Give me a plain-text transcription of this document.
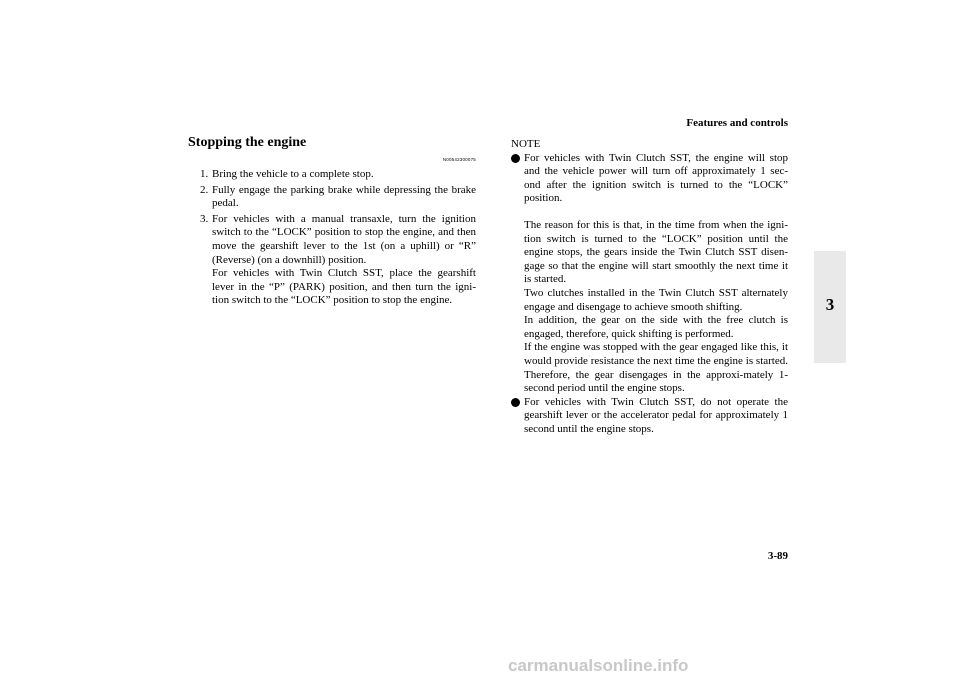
Features and controls
3
Stopping the engine
N00542300075
1. Bring the vehicle to a complete stop.
2. Fully engage the parking brake while depressing the brake pedal.
3. For vehicles with a manual transaxle, turn the ignition switch to the “LOCK” position to stop the engine, and then move the gearshift lever to the 1st (on a uphill) or “R” (Reverse) (on a downhill) position.
For vehicles with Twin Clutch SST, place the gearshift lever in the “P” (PARK) position, and then turn the igni-tion switch to the “LOCK” position to stop the engine.
NOTE

For vehicles with Twin Clutch SST, the engine will stop and the vehicle power will turn off approximately 1 sec-ond after the ignition switch is turned to the “LOCK” position.

The reason for this is that, in the time from when the igni-tion switch is turned to the “LOCK” position until the engine stops, the gears inside the Twin Clutch SST disen-gage so that the engine will start smoothly the next time it is started.
Two clutches installed in the Twin Clutch SST alternately engage and disengage to achieve smooth shifting.
In addition, the gear on the side with the free clutch is engaged, therefore, quick shifting is performed.
If the engine was stopped with the gear engaged like this, it would provide resistance the next time the engine is started. Therefore, the gear disengages in the approxi-mately 1-second period until the engine stops.

For vehicles with Twin Clutch SST, do not operate the gearshift lever or the accelerator pedal for approximately 1 second until the engine stops.

3-89
carmanualsonline.info
